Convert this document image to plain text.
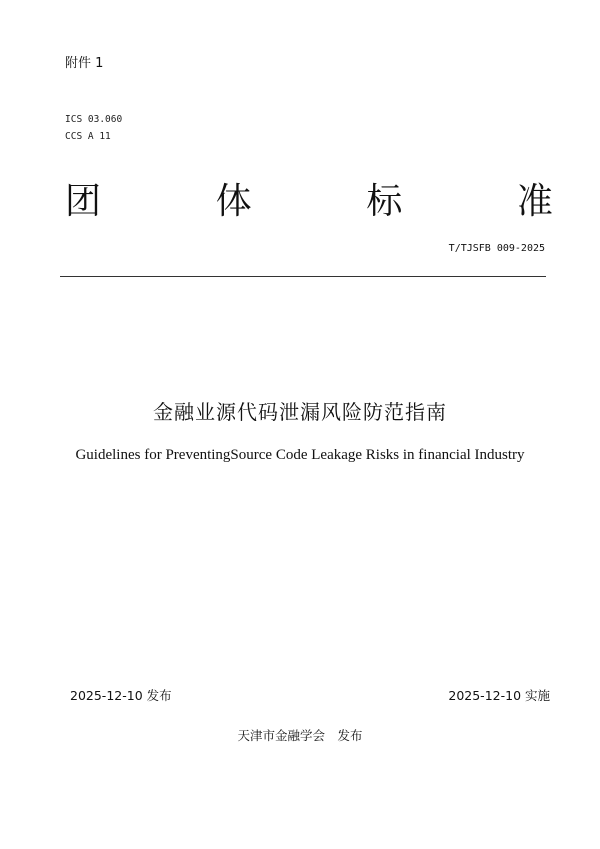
附件 1
ICS 03.060
CCS A 11
团	体	标	准
T/TJSFB 009-2025
金融业源代码泄漏风险防范指南
Guidelines for PreventingSource Code Leakage Risks in financial Industry
2025-12-10 发布	2025-12-10 实施
天津市金融学会　发布
